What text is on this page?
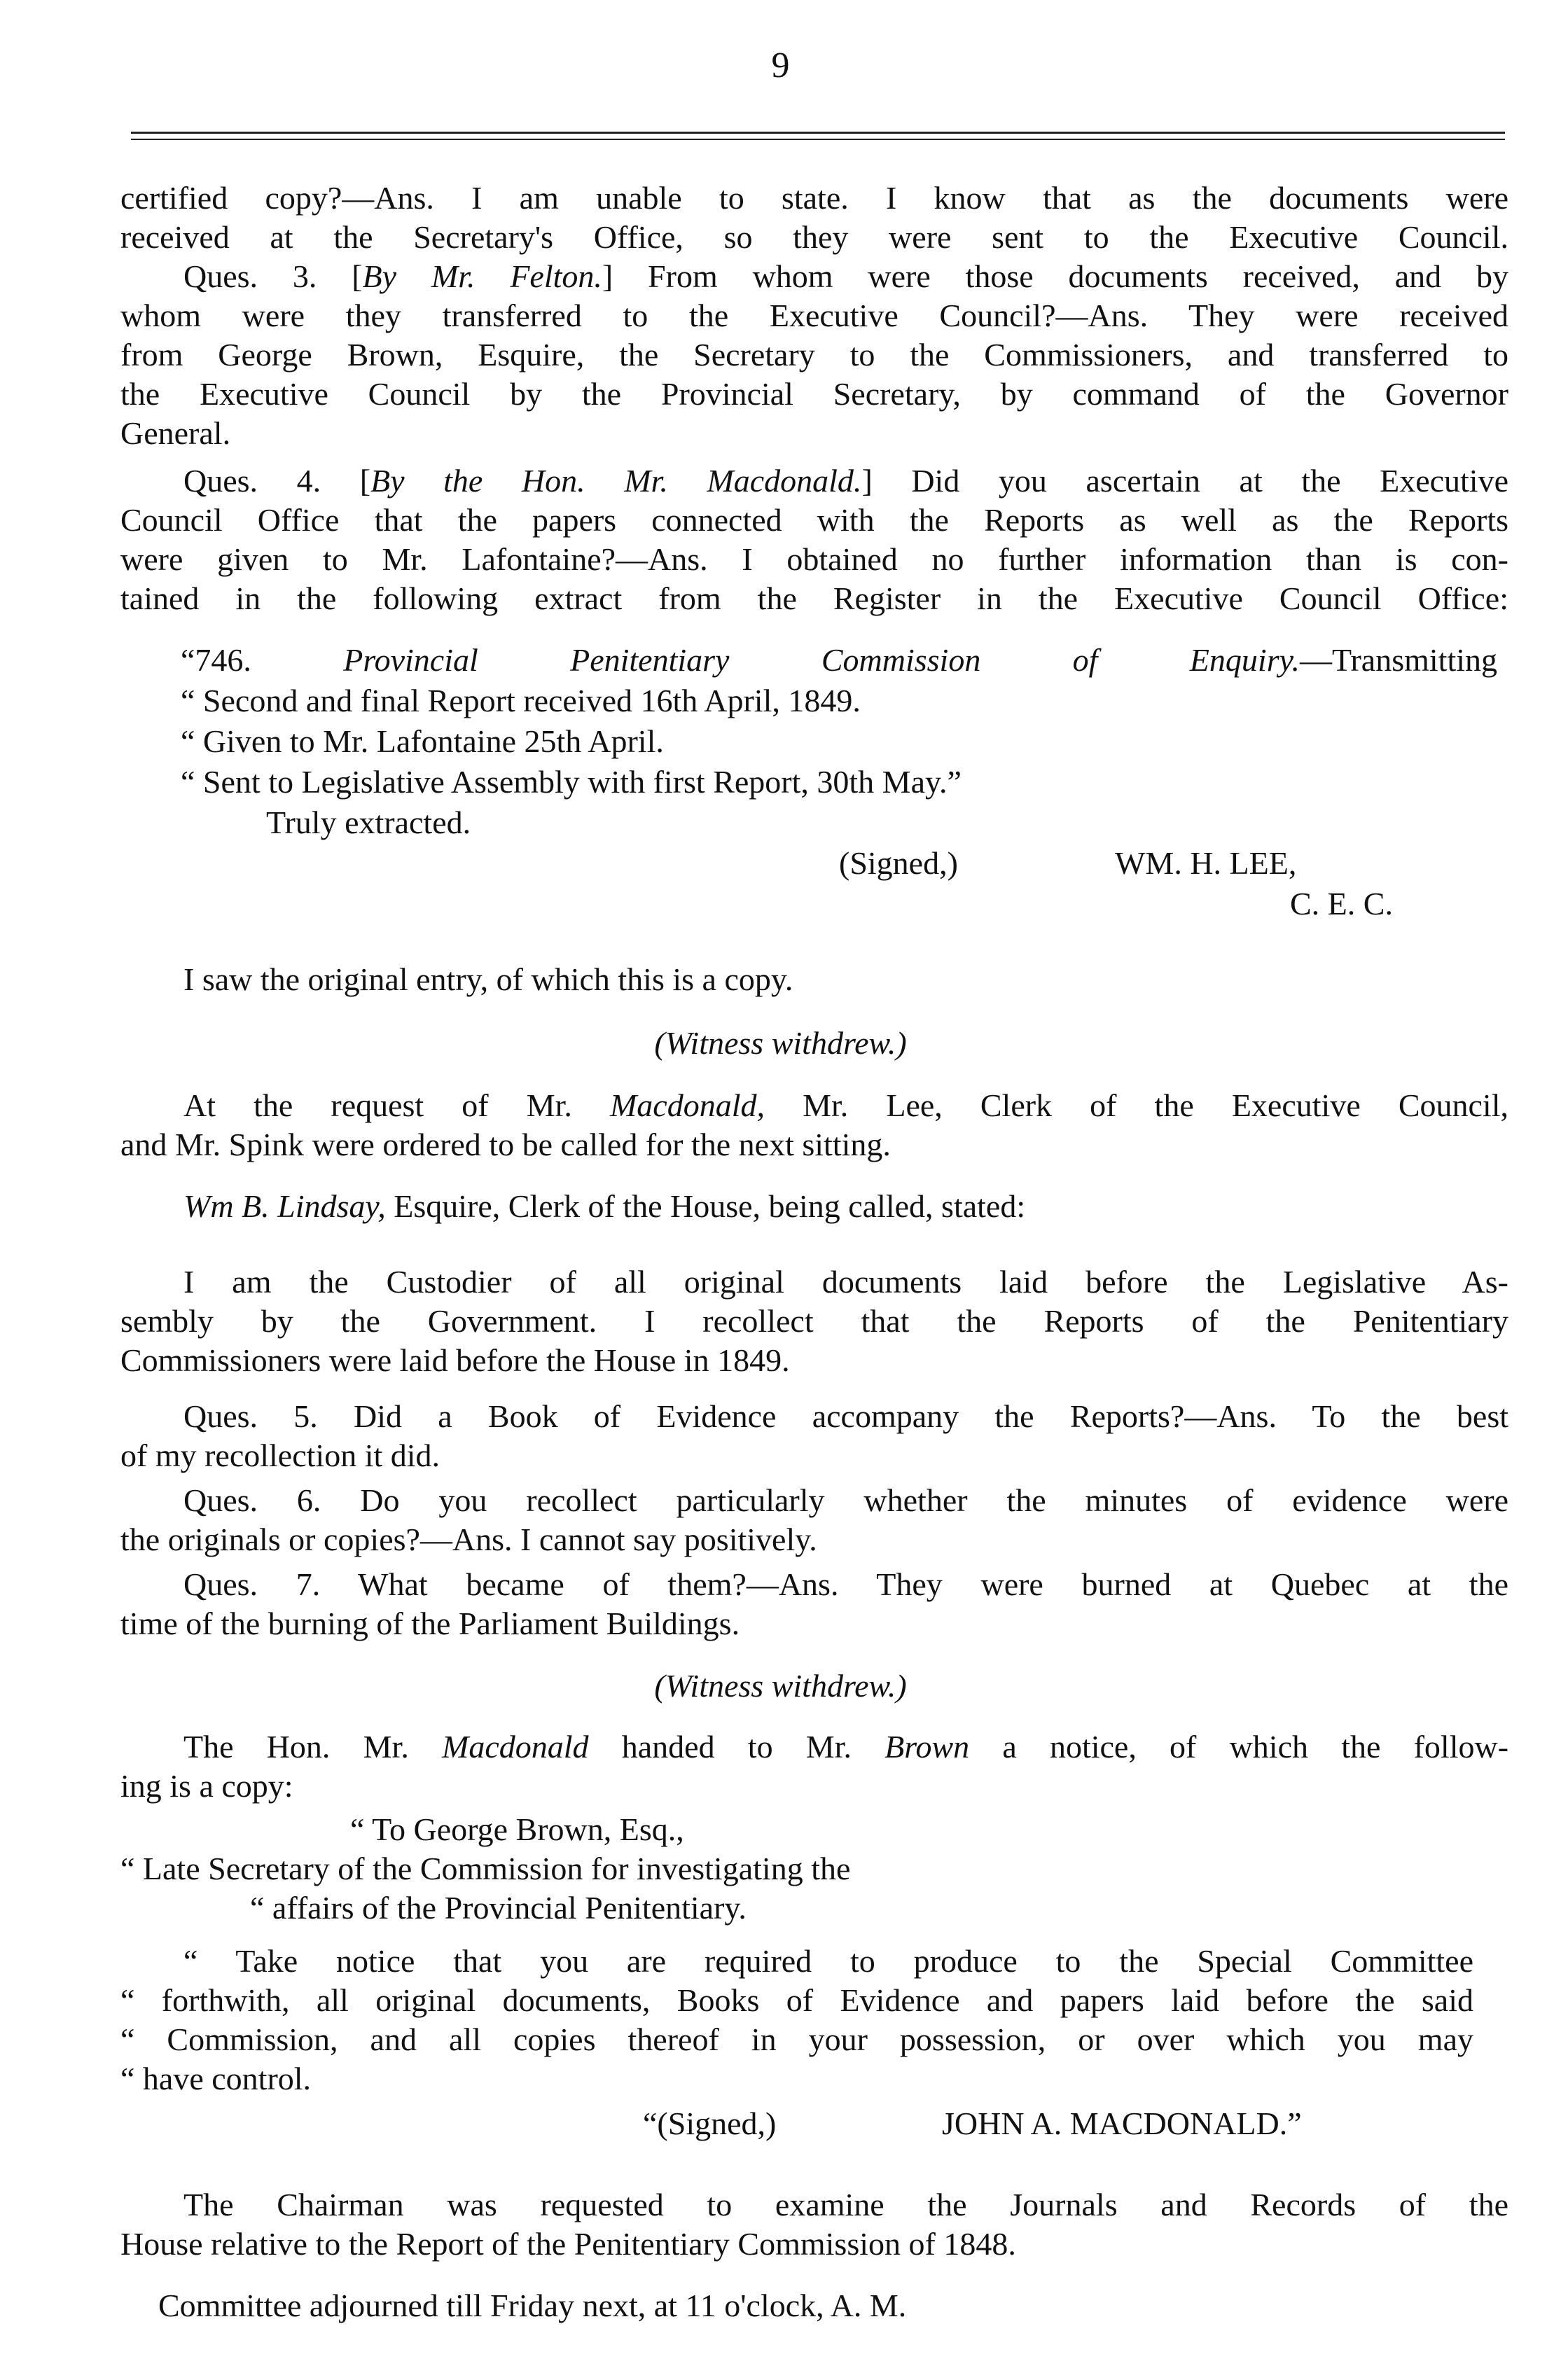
9
certified copy?—Ans. I am unable to state. I know that as the documents were
received at the Secretary's Office, so they were sent to the Executive Council.
Ques. 3. [By Mr. Felton.] From whom were those documents received, and by
whom were they transferred to the Executive Council?—Ans. They were received
from George Brown, Esquire, the Secretary to the Commissioners, and transferred to
the Executive Council by the Provincial Secretary, by command of the Governor
General.
Ques. 4. [By the Hon. Mr. Macdonald.] Did you ascertain at the Executive
Council Office that the papers connected with the Reports as well as the Reports
were given to Mr. Lafontaine?—Ans. I obtained no further information than is con-
tained in the following extract from the Register in the Executive Council Office:
“746. Provincial Penitentiary Commission of Enquiry.—Transmitting
“ Second and final Report received 16th April, 1849.
“ Given to Mr. Lafontaine 25th April.
“ Sent to Legislative Assembly with first Report, 30th May.”
Truly extracted.
(Signed,)	WM. H. LEE,
C. E. C.
I saw the original entry, of which this is a copy.
(Witness withdrew.)
At the request of Mr. Macdonald, Mr. Lee, Clerk of the Executive Council,
and Mr. Spink were ordered to be called for the next sitting.
Wm B. Lindsay, Esquire, Clerk of the House, being called, stated:
I am the Custodier of all original documents laid before the Legislative As-
sembly by the Government. I recollect that the Reports of the Penitentiary
Commissioners were laid before the House in 1849.
Ques. 5. Did a Book of Evidence accompany the Reports?—Ans. To the best
of my recollection it did.
Ques. 6. Do you recollect particularly whether the minutes of evidence were
the originals or copies?—Ans. I cannot say positively.
Ques. 7. What became of them?—Ans. They were burned at Quebec at the
time of the burning of the Parliament Buildings.
(Witness withdrew.)
The Hon. Mr. Macdonald handed to Mr. Brown a notice, of which the follow-
ing is a copy:
“ To George Brown, Esq.,
“ Late Secretary of the Commission for investigating the
“ affairs of the Provincial Penitentiary.
“ Take notice that you are required to produce to the Special Committee
“ forthwith, all original documents, Books of Evidence and papers laid before the said
“ Commission, and all copies thereof in your possession, or over which you may
“ have control.
“(Signed,)	JOHN A. MACDONALD.”
The Chairman was requested to examine the Journals and Records of the
House relative to the Report of the Penitentiary Commission of 1848.
Committee adjourned till Friday next, at 11 o'clock, A. M.
